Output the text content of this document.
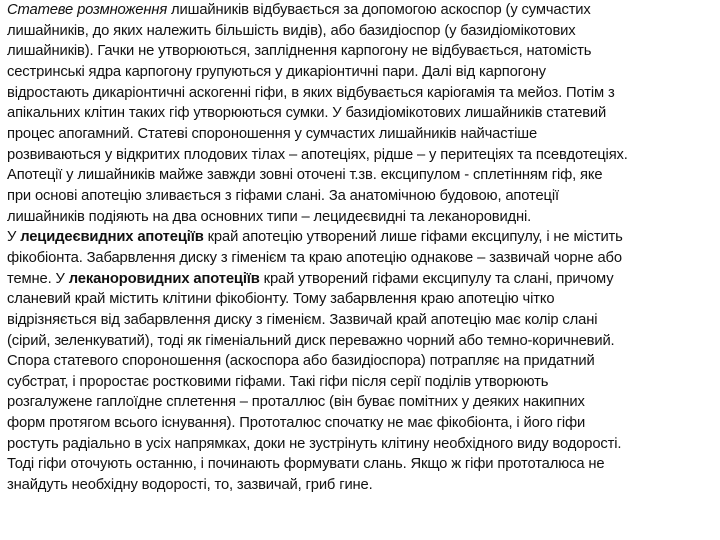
Статеве розмноження лишайників відбувається за допомогою аскоспор (у сумчастих
лишайників, до яких належить більшість видів), або базидіоспор (у базидіомікотових
лишайників). Гачки не утворюються, запліднення карпогону не відбувається, натомість
сестринські ядра карпогону групуються у дикаріонтичні пари. Далі від карпогону
відростають дикаріонтичні аскогенні гіфи, в яких відбувається каріогамія та мейоз. Потім з
апікальних клітин таких гіф утворюються сумки. У базидіомікотових лишайників статевий
процес апогамний. Статеві спороношення у сумчастих лишайників найчастіше
розвиваються у відкритих плодових тілах – апотеціях, рідше – у перитеціях та псевдотеціях.
Апотеції у лишайників майже завжди зовні оточені т.зв. ексципулом - сплетінням гіф, яке
при основі апотецію зливається з гіфами слані. За анатомічною будовою, апотеції
лишайників подіяють на два основних типи – лецидеєвидні та леканоровидні.
У лецидеєвидних апотеціїв край апотецію утворений лише гіфами ексципулу, і не містить
фікобіонта. Забарвлення диску з гіменієм та краю апотецію однакове – зазвичай чорне або
темне. У леканоровидних апотеціїв край утворений гіфами ексципулу та слані, причому
сланевий край містить клітини фікобіонту. Тому забарвлення краю апотецію чітко
відрізняється від забарвлення диску з гіменієм. Зазвичай край апотецію має колір слані
(сірий, зеленкуватий), тоді як гіменіальний диск переважно чорний або темно-коричневий.
Спора статевого спороношення (аскоспора або базидіоспора) потрапляє на придатний
субстрат, і проростає ростковими гіфами. Такі гіфи після серії поділів утворюють
розгалужене гаплоїдне сплетення – проталлюс (він буває помітних у деяких накипних
форм протягом всього існування). Прототалюс спочатку не має фікобіонта, і його гіфи
ростуть радіально в усіх напрямках, доки не зустрінуть клітину необхідного виду водорості.
Тоді гіфи оточують останню, і починають формувати слань. Якщо ж гіфи прототалюса не
знайдуть необхідну водорості, то, зазвичай, гриб гине.
